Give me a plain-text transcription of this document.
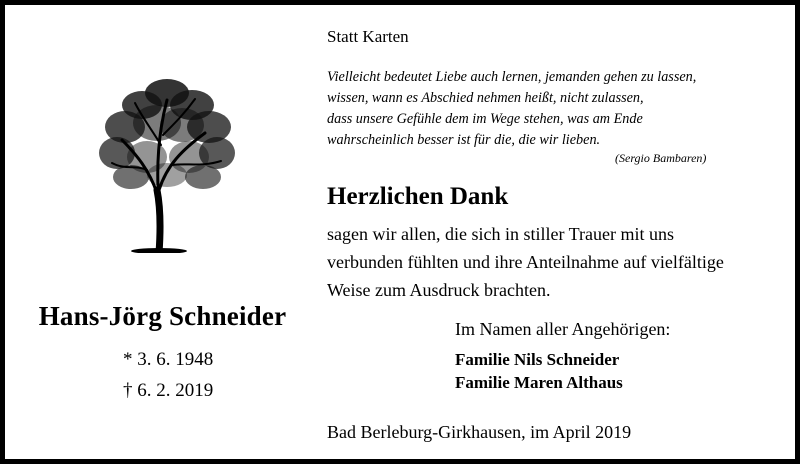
Hans-Jörg Schneider
* 3. 6. 1948
† 6. 2. 2019
Statt Karten
Vielleicht bedeutet Liebe auch lernen, jemanden gehen zu lassen,
wissen, wann es Abschied nehmen heißt, nicht zulassen,
dass unsere Gefühle dem im Wege stehen, was am Ende
wahrscheinlich besser ist für die, die wir lieben.
(Sergio Bambaren)
Herzlichen Dank
sagen wir allen, die sich in stiller Trauer mit uns
verbunden fühlten und ihre Anteilnahme auf vielfältige
Weise zum Ausdruck brachten.
Im Namen aller Angehörigen:
Familie Nils Schneider
Familie Maren Althaus
Bad Berleburg-Girkhausen, im April 2019
